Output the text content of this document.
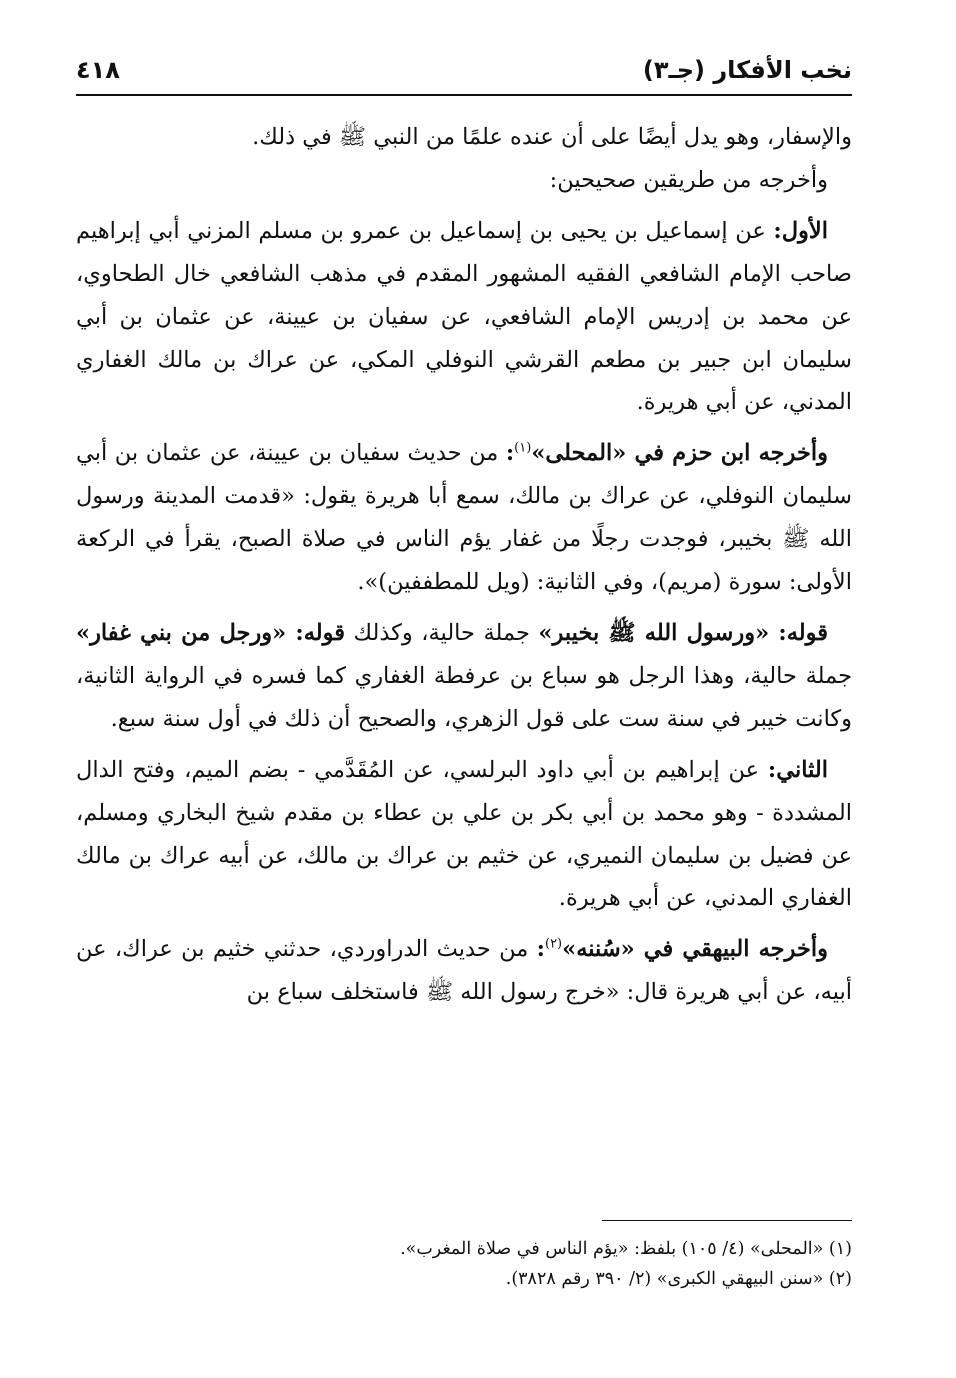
نخب الأفكار (جـ٣)
٤١٨

والإسفار، وهو يدل أيضًا على أن عنده علمًا من النبي ﷺ في ذلك.

وأخرجه من طريقين صحيحين:

الأول: عن إسماعيل بن يحيى بن إسماعيل بن عمرو بن مسلم المزني أبي إبراهيم صاحب الإمام الشافعي الفقيه المشهور المقدم في مذهب الشافعي خال الطحاوي، عن محمد بن إدريس الإمام الشافعي، عن سفيان بن عيينة، عن عثمان بن أبي سليمان ابن جبير بن مطعم القرشي النوفلي المكي، عن عراك بن مالك الغفاري المدني، عن أبي هريرة.

وأخرجه ابن حزم في «المحلى»$^{(١)}$: من حديث سفيان بن عيينة، عن عثمان بن أبي سليمان النوفلي، عن عراك بن مالك، سمع أبا هريرة يقول: «قدمت المدينة ورسول الله ﷺ بخيبر، فوجدت رجلًا من غفار يؤم الناس في صلاة الصبح، يقرأ في الركعة الأولى: سورة (مريم)، وفي الثانية: (ويل للمطففين)».

قوله: «ورسول الله ﷺ بخيبر» جملة حالية، وكذلك قوله: «ورجل من بني غفار» جملة حالية، وهذا الرجل هو سباع بن عرفطة الغفاري كما فسره في الرواية الثانية، وكانت خيبر في سنة ست على قول الزهري، والصحيح أن ذلك في أول سنة سبع.

الثاني: عن إبراهيم بن أبي داود البرلسي، عن المُقَدَّمي - بضم الميم، وفتح الدال المشددة - وهو محمد بن أبي بكر بن علي بن عطاء بن مقدم شيخ البخاري ومسلم، عن فضيل بن سليمان النميري، عن خثيم بن عراك بن مالك، عن أبيه عراك بن مالك الغفاري المدني، عن أبي هريرة.

وأخرجه البيهقي في «سُننه»$^{(٢)}$: من حديث الدراوردي، حدثني خثيم بن عراك، عن أبيه، عن أبي هريرة قال: «خرج رسول الله ﷺ فاستخلف سباع بن

(١) «المحلى» (٤/ ١٠٥) بلفظ: «يؤم الناس في صلاة المغرب».

(٢) «سنن البيهقي الكبرى» (٢/ ٣٩٠ رقم ٣٨٢٨).
